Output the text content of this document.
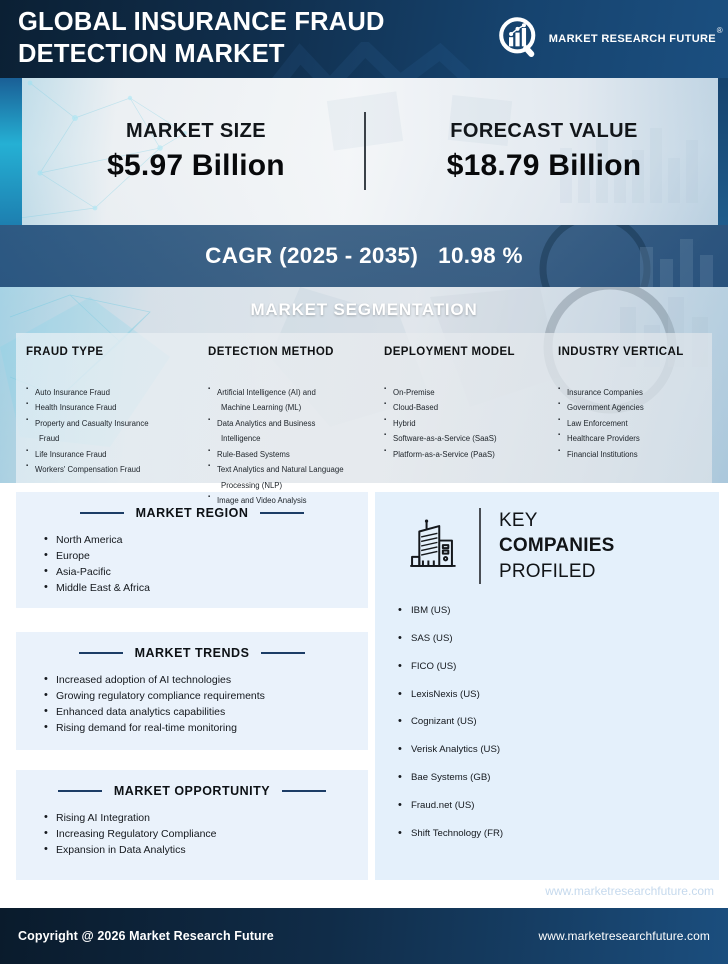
GLOBAL INSURANCE FRAUD DETECTION MARKET
MARKET RESEARCH FUTURE
®
MARKET SIZE
$5.97 Billion
FORECAST VALUE
$18.79 Billion
CAGR (2025 - 2035) 10.98 %
MARKET SEGMENTATION
FRAUD TYPE
▪ Auto Insurance Fraud
▪ Health Insurance Fraud
▪ Property and Casualty Insurance
Fraud
▪ Life Insurance Fraud
▪ Workers' Compensation Fraud
DETECTION METHOD
▪ Artificial Intelligence (AI) and
Machine Learning (ML)
▪ Data Analytics and Business
Intelligence
▪ Rule-Based Systems
▪ Text Analytics and Natural Language
Processing (NLP)
▪ Image and Video Analysis
DEPLOYMENT MODEL
▪ On-Premise
▪ Cloud-Based
▪ Hybrid
▪ Software-as-a-Service (SaaS)
▪ Platform-as-a-Service (PaaS)
INDUSTRY VERTICAL
▪ Insurance Companies
▪ Government Agencies
▪ Law Enforcement
▪ Healthcare Providers
▪ Financial Institutions
MARKET REGION
• North America
• Europe
• Asia-Pacific
• Middle East & Africa
MARKET TRENDS
• Increased adoption of AI technologies
• Growing regulatory compliance requirements
• Enhanced data analytics capabilities
• Rising demand for real-time monitoring
MARKET OPPORTUNITY
• Rising AI Integration
• Increasing Regulatory Compliance
• Expansion in Data Analytics
KEY
COMPANIES
PROFILED
• IBM (US)
• SAS (US)
• FICO (US)
• LexisNexis (US)
• Cognizant (US)
• Verisk Analytics (US)
• Bae Systems (GB)
• Fraud.net (US)
• Shift Technology (FR)
Copyright @ 2025 Market Research Future	www.marketresearchfuture.com
Copyright @ 2026 Market Research Future	www.marketresearchfuture.com
